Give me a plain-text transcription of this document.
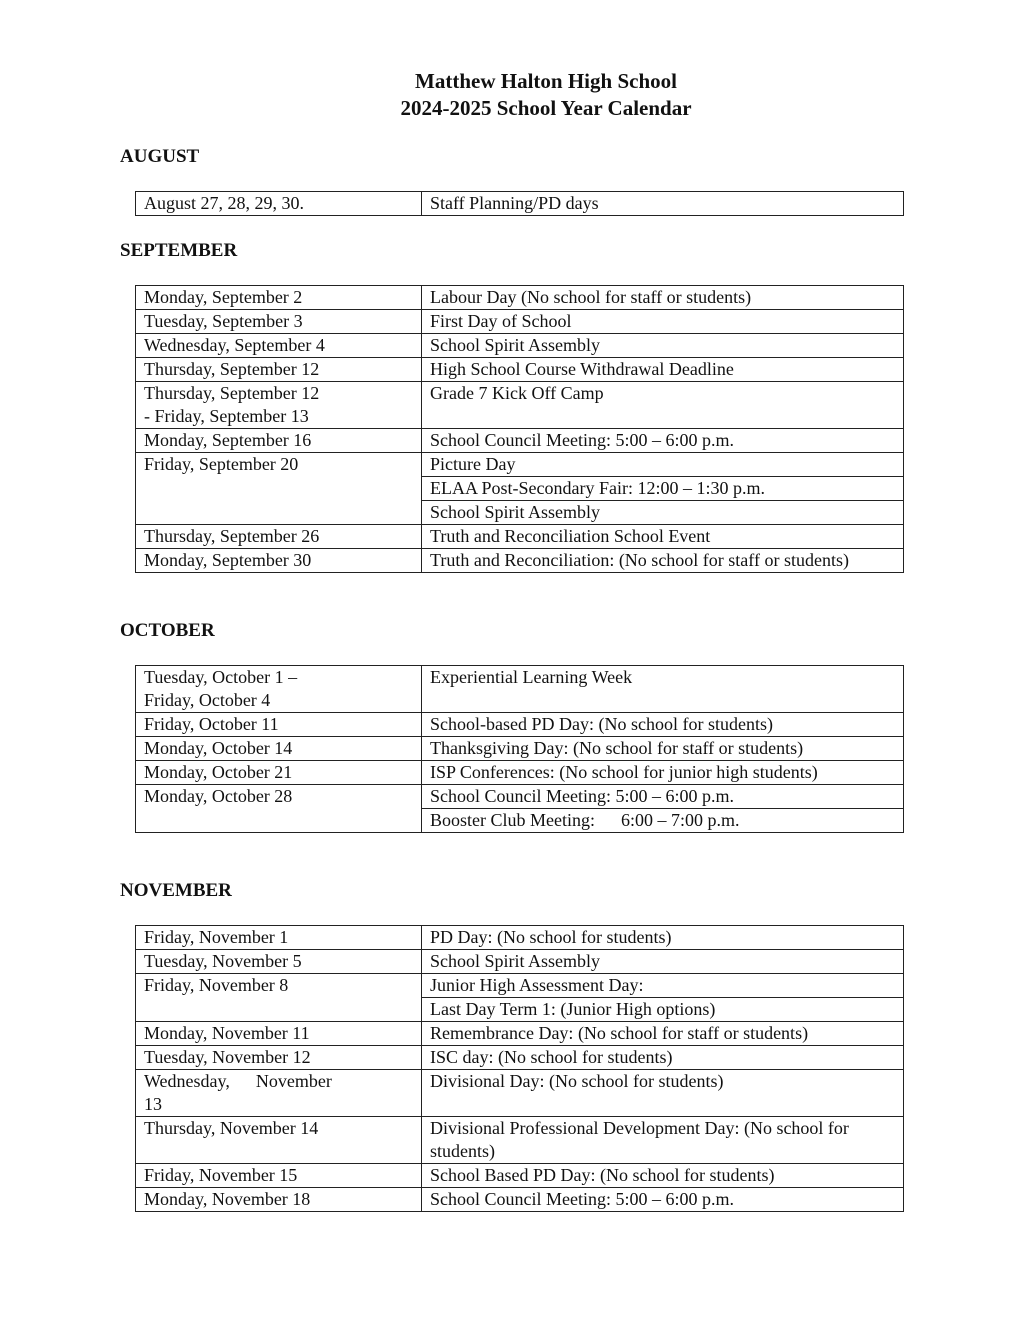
Matthew Halton High School
2024-2025 School Year Calendar
AUGUST
August 27, 28, 29, 30.	Staff Planning/PD days
SEPTEMBER
Monday, September 2	Labour Day (No school for staff or students)
Tuesday, September 3	First Day of School
Wednesday, September 4	School Spirit Assembly
Thursday, September 12	High School Course Withdrawal Deadline

Thursday, September 12
- Friday, September 13	Grade 7 Kick Off Camp
Monday, September 16	School Council Meeting: 5:00 – 6:00 p.m.
Friday, September 20	Picture Day
	ELAA Post-Secondary Fair: 12:00 – 1:30 p.m.
	School Spirit Assembly
Thursday, September 26	Truth and Reconciliation School Event
Monday, September 30	Truth and Reconciliation: (No school for staff or students)
OCTOBER
Tuesday, October 1 –
Friday, October 4	Experiential Learning Week
Friday, October 11	School-based PD Day: (No school for students)
Monday, October 14	Thanksgiving Day: (No school for staff or students)
Monday, October 21	ISP Conferences: (No school for junior high students)
Monday, October 28	School Council Meeting: 5:00 – 6:00 p.m.
	Booster Club Meeting: 6:00 – 7:00 p.m.
NOVEMBER
Friday, November 1	PD Day: (No school for students)
Tuesday, November 5	School Spirit Assembly
Friday, November 8	Junior High Assessment Day:
	Last Day Term 1: (Junior High options)
Monday, November 11	Remembrance Day: (No school for staff or students)
Tuesday, November 12	ISC day: (No school for students)

Wednesday, November
13	Divisional Day: (No school for students)
Thursday, November 14	Divisional Professional Development Day: (No school for students)
Friday, November 15	School Based PD Day: (No school for students)
Monday, November 18	School Council Meeting: 5:00 – 6:00 p.m.
